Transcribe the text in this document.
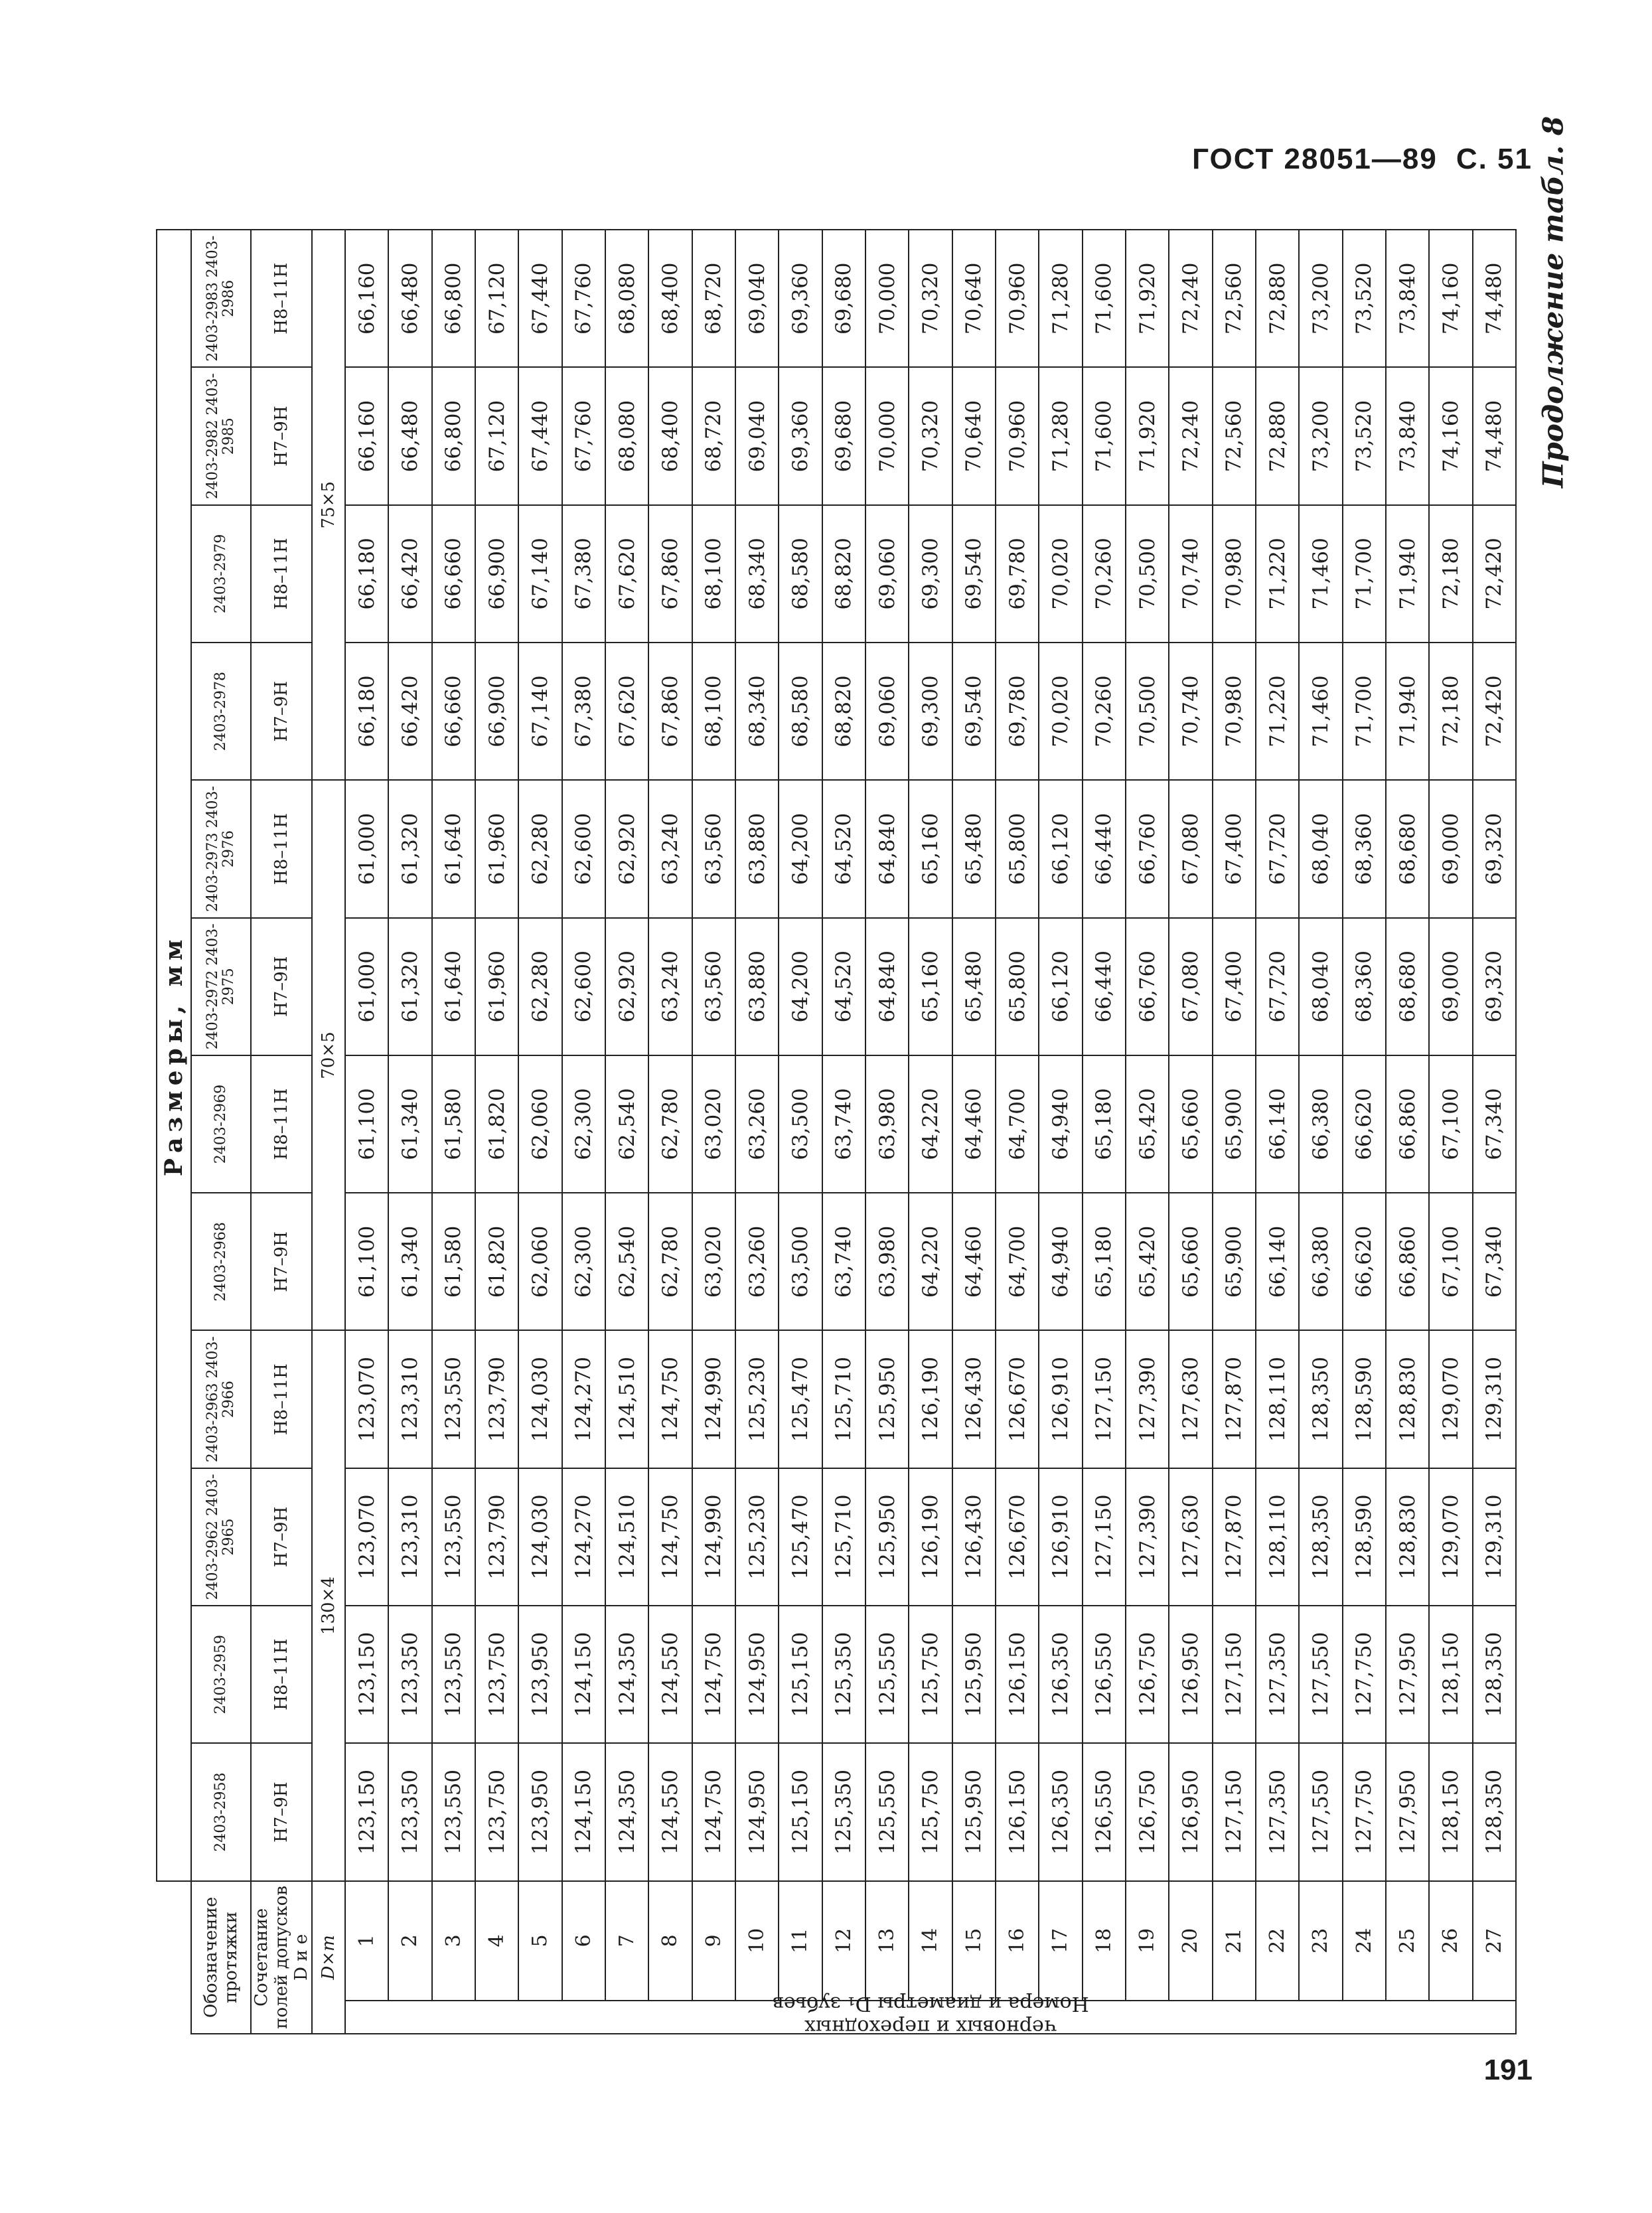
ГОСТ 28051—89 С. 51 Продолжение табл. 8
		Размеры, мм											
Обозначение протяжки		2403-2958	2403-2959	2403-2962 2403-2965	2403-2963 2403-2966	2403-2968	2403-2969	2403-2972 2403-2975	2403-2973 2403-2976	2403-2978	2403-2979	2403-2982 2403-2985	2403-2983 2403-2986
Сочетание полей допусков D и е		H7–9H	H8–11H	H7–9H	H8–11H	H7–9H	H8–11H	H7–9H	H8–11H	H7–9H	H8–11H	H7–9H	H8–11H
D×m		130×4				70×5				75×5			

черновых и переходных
Номера и диаметры D₁ зубьев	1	123,150	123,150	123,070	123,070	61,100	61,100	61,000	61,000	66,180	66,180	66,160	66,160
	2	123,350	123,350	123,310	123,310	61,340	61,340	61,320	61,320	66,420	66,420	66,480	66,480
	3	123,550	123,550	123,550	123,550	61,580	61,580	61,640	61,640	66,660	66,660	66,800	66,800
	4	123,750	123,750	123,790	123,790	61,820	61,820	61,960	61,960	66,900	66,900	67,120	67,120
	5	123,950	123,950	124,030	124,030	62,060	62,060	62,280	62,280	67,140	67,140	67,440	67,440
	6	124,150	124,150	124,270	124,270	62,300	62,300	62,600	62,600	67,380	67,380	67,760	67,760
	7	124,350	124,350	124,510	124,510	62,540	62,540	62,920	62,920	67,620	67,620	68,080	68,080
	8	124,550	124,550	124,750	124,750	62,780	62,780	63,240	63,240	67,860	67,860	68,400	68,400
	9	124,750	124,750	124,990	124,990	63,020	63,020	63,560	63,560	68,100	68,100	68,720	68,720
	10	124,950	124,950	125,230	125,230	63,260	63,260	63,880	63,880	68,340	68,340	69,040	69,040
	11	125,150	125,150	125,470	125,470	63,500	63,500	64,200	64,200	68,580	68,580	69,360	69,360
	12	125,350	125,350	125,710	125,710	63,740	63,740	64,520	64,520	68,820	68,820	69,680	69,680
	13	125,550	125,550	125,950	125,950	63,980	63,980	64,840	64,840	69,060	69,060	70,000	70,000
	14	125,750	125,750	126,190	126,190	64,220	64,220	65,160	65,160	69,300	69,300	70,320	70,320
	15	125,950	125,950	126,430	126,430	64,460	64,460	65,480	65,480	69,540	69,540	70,640	70,640
	16	126,150	126,150	126,670	126,670	64,700	64,700	65,800	65,800	69,780	69,780	70,960	70,960
	17	126,350	126,350	126,910	126,910	64,940	64,940	66,120	66,120	70,020	70,020	71,280	71,280
	18	126,550	126,550	127,150	127,150	65,180	65,180	66,440	66,440	70,260	70,260	71,600	71,600
	19	126,750	126,750	127,390	127,390	65,420	65,420	66,760	66,760	70,500	70,500	71,920	71,920
	20	126,950	126,950	127,630	127,630	65,660	65,660	67,080	67,080	70,740	70,740	72,240	72,240
	21	127,150	127,150	127,870	127,870	65,900	65,900	67,400	67,400	70,980	70,980	72,560	72,560
	22	127,350	127,350	128,110	128,110	66,140	66,140	67,720	67,720	71,220	71,220	72,880	72,880
	23	127,550	127,550	128,350	128,350	66,380	66,380	68,040	68,040	71,460	71,460	73,200	73,200
	24	127,750	127,750	128,590	128,590	66,620	66,620	68,360	68,360	71,700	71,700	73,520	73,520
	25	127,950	127,950	128,830	128,830	66,860	66,860	68,680	68,680	71,940	71,940	73,840	73,840
	26	128,150	128,150	129,070	129,070	67,100	67,100	69,000	69,000	72,180	72,180	74,160	74,160
	27	128,350	128,350	129,310	129,310	67,340	67,340	69,320	69,320	72,420	72,420	74,480	74,480
191
